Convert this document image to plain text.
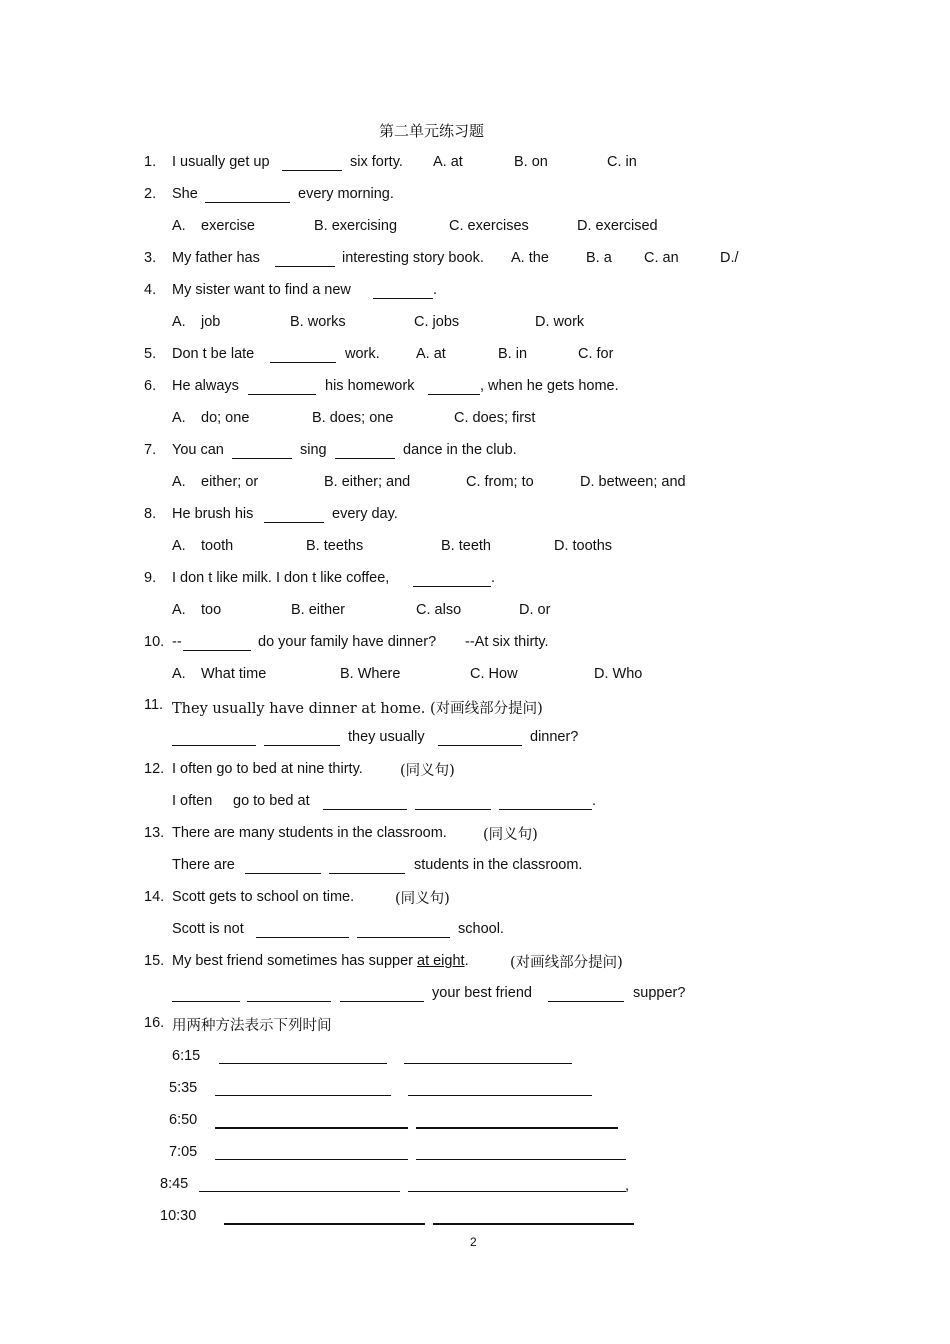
第二单元练习题
1. I usually get up	six forty. A. at	B. on	C. in
2. She	every morning.
A. exercise	B. exercising	C. exercises	D. exercised
3. My father has	interesting story book. A. the	B. a C. an	D./
4. My sister want to find a new	.
A. job	B. works	C. jobs	D. work
5. Don t be late	work.	A. at	B. in	C. for
6. He always	his homework	, when he gets home.
A. do; one	B. does; one	C. does; first
7. You can	sing	dance in the club.
A. either; or	B. either; and	C. from; to	D. between; and
8. He brush his	every day.
A. tooth	B. teeths	B. teeth	D. tooths
9. I don t like milk. I don t like coffee,	.
A. too	B. either	C. also	D. or
10. --	do your family have dinner? --At six thirty.
A. What time	B. Where	C. How	D. Who
11. They usually have dinner at home. (对画线部分提问)
they usually	dinner?
12. I often go to bed at nine thirty.	(同义句)
I often go to bed at	.
13. There are many students in the classroom. (同义句)
There are	students in the classroom.
14. Scott gets to school on time.	(同义句)
Scott is not	school.
15. My best friend sometimes has supper at eight.	(对画线部分提问)
your best friend	supper?
16. 用两种方法表示下列时间
6:15
5:35
6:50
7:05
8:45	,
10:30
2
